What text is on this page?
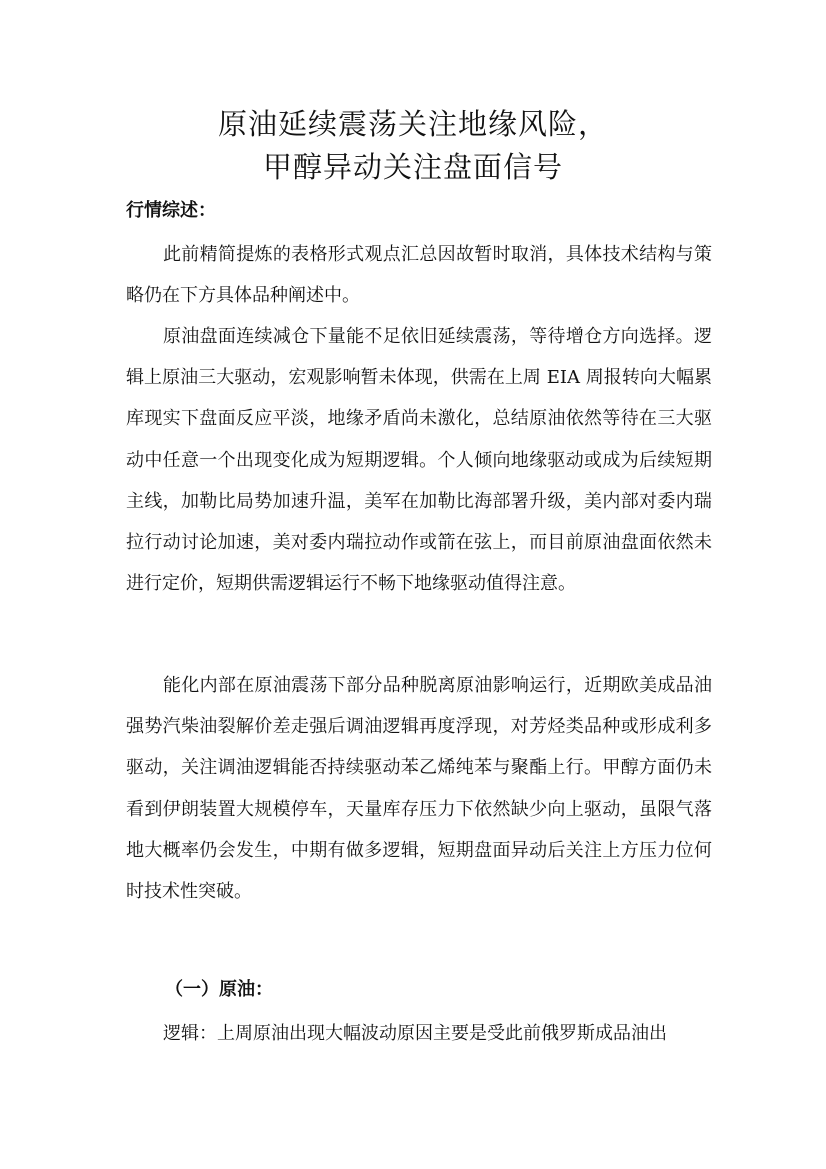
原油延续震荡关注地缘风险，
甲醇异动关注盘面信号
行情综述：

此前精简提炼的表格形式观点汇总因故暂时取消，具体技术结构与策略仍在下方具体品种阐述中。

原油盘面连续减仓下量能不足依旧延续震荡，等待增仓方向选择。逻辑上原油三大驱动，宏观影响暂未体现，供需在上周 EIA 周报转向大幅累库现实下盘面反应平淡，地缘矛盾尚未激化，总结原油依然等待在三大驱动中任意一个出现变化成为短期逻辑。个人倾向地缘驱动或成为后续短期主线，加勒比局势加速升温，美军在加勒比海部署升级，美内部对委内瑞拉行动讨论加速，美对委内瑞拉动作或箭在弦上，而目前原油盘面依然未进行定价，短期供需逻辑运行不畅下地缘驱动值得注意。

能化内部在原油震荡下部分品种脱离原油影响运行，近期欧美成品油强势汽柴油裂解价差走强后调油逻辑再度浮现，对芳烃类品种或形成利多驱动，关注调油逻辑能否持续驱动苯乙烯纯苯与聚酯上行。甲醇方面仍未看到伊朗装置大规模停车，天量库存压力下依然缺少向上驱动，虽限气落地大概率仍会发生，中期有做多逻辑，短期盘面异动后关注上方压力位何时技术性突破。

（一）原油：

逻辑：上周原油出现大幅波动原因主要是受此前俄罗斯成品油出
